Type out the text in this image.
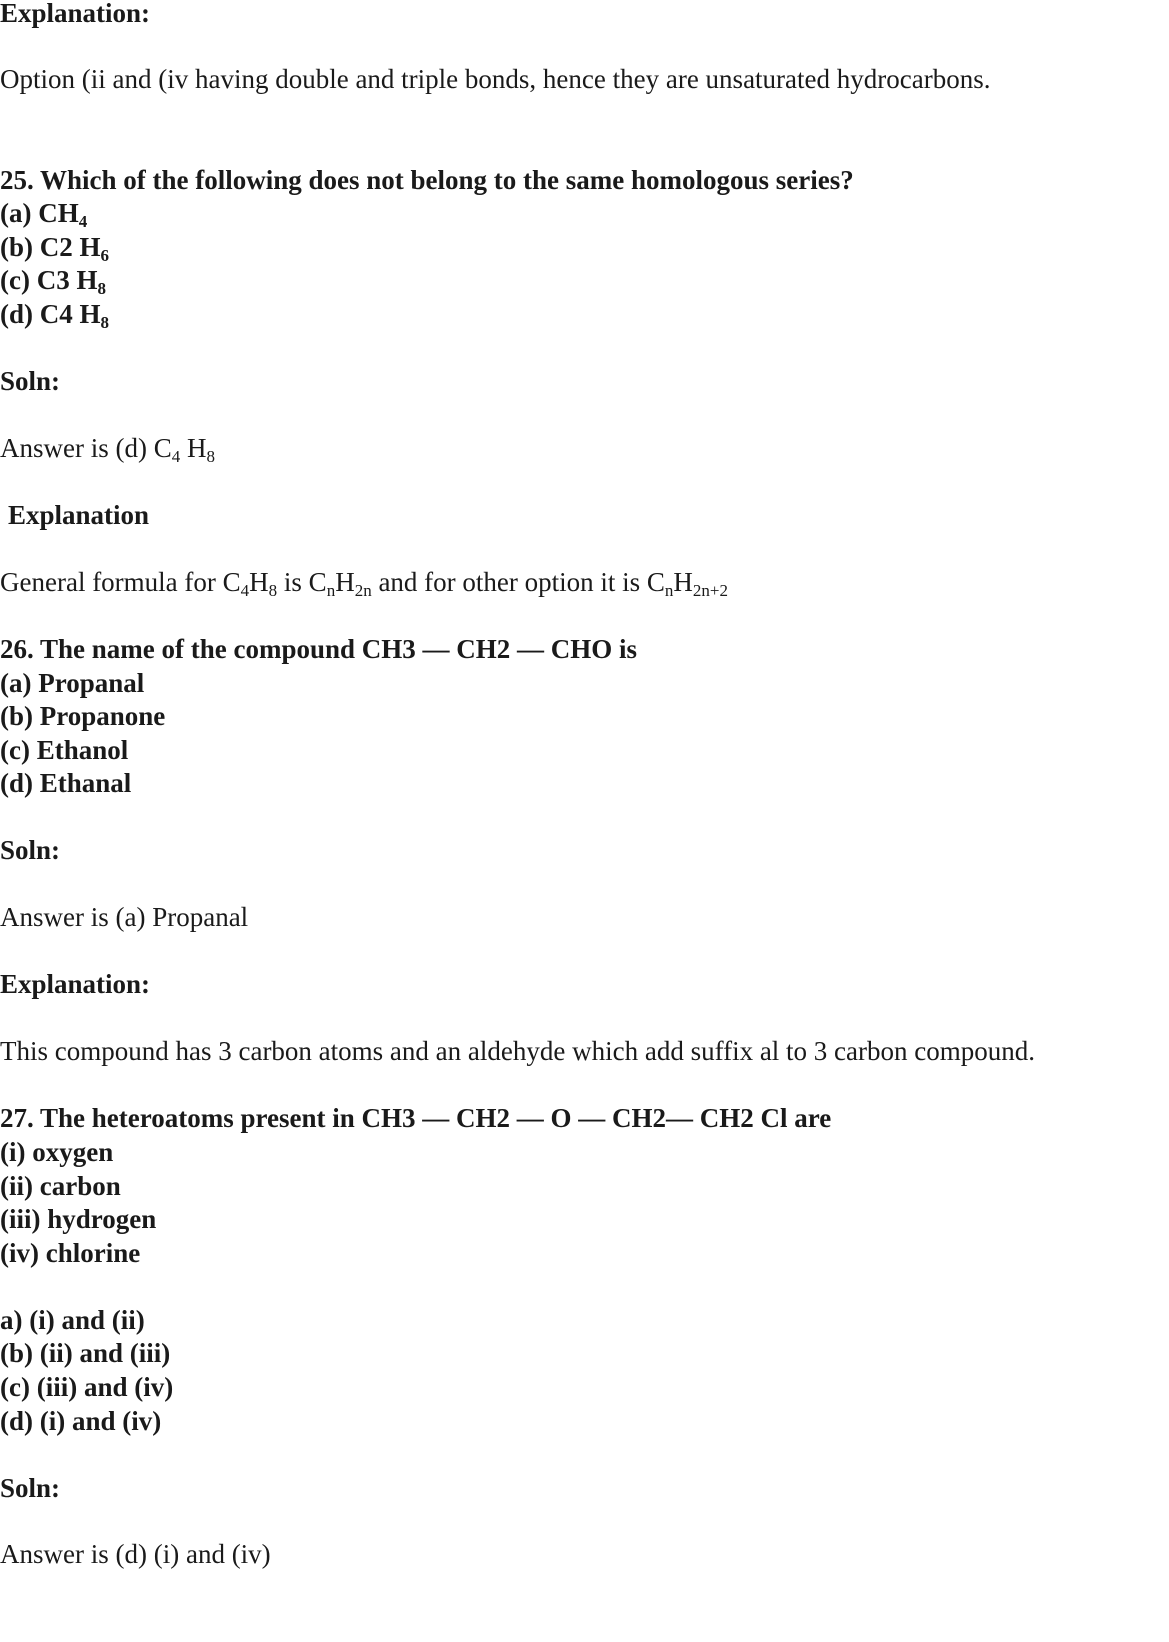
Explanation:
Option (ii and (iv having double and triple bonds, hence they are unsaturated hydrocarbons.
25. Which of the following does not belong to the same homologous series?
(a) $CH_4$
(b) C2 $H_6$
(c) C3 $H_8$
(d) C4 $H_8$
Soln:
Answer is (d) $C_4$ $H_8$
Explanation
General formula for $C_4H_8$ is $C_nH_{2n}$ and for other option it is $C_nH_{2n+2}$
26. The name of the compound CH3 — CH2 — CHO is
(a) Propanal
(b) Propanone
(c) Ethanol
(d) Ethanal
Soln:
Answer is (a) Propanal
Explanation:
This compound has 3 carbon atoms and an aldehyde which add suffix al to 3 carbon compound.
27. The heteroatoms present in CH3 — CH2 — O — CH2— CH2 Cl are
(i) oxygen
(ii) carbon
(iii) hydrogen
(iv) chlorine
a) (i) and (ii)
(b) (ii) and (iii)
(c) (iii) and (iv)
(d) (i) and (iv)
Soln:
Answer is (d) (i) and (iv)
